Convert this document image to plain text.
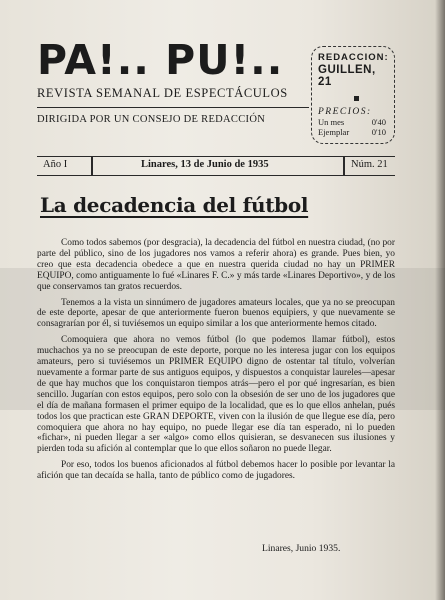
PA!.. PU!..
REVISTA SEMANAL DE ESPECTÁCULOS
DIRIGIDA POR UN CONSEJO DE REDACCIÓN
REDACCION:
GUILLEN, 21
PRECIOS:
Un mes	0'40
Ejemplar	0'10
Año I	Linares, 13 de Junio de 1935	Núm. 21
La decadencia del fútbol

Como todos sabemos (por desgracia), la decadencia del fútbol en nuestra ciudad, (no por parte del público, sino de los jugadores nos vamos a referir ahora) es grande. Pues bien, yo creo que esta decadencia obedece a que en nuestra querida ciudad no hay un PRIMER EQUIPO, como antiguamente lo fué «Linares F. C.» y más tarde «Linares Deportivo», y de los que conservamos tan gratos recuerdos.

Tenemos a la vista un sinnúmero de jugadores amateurs locales, que ya no se preocupan de este deporte, apesar de que anteriormente fueron buenos equipiers, y que nuevamente se consagrarían por él, si tuviésemos un equipo similar a los que anteriormente hemos citado.

Comoquiera que ahora no vemos fútbol (lo que podemos llamar fútbol), estos muchachos ya no se preocupan de este deporte, porque no les interesa jugar con los equipos amateurs, pero si tuviésemos un PRIMER EQUIPO digno de ostentar tal título, volverían nuevamente a formar parte de sus antiguos equipos, y dispuestos a conquistar laureles—apesar de que hay muchos que los conquistaron tiempos atrás—pero el por qué ingresarían, es bien sencillo. Jugarían con estos equipos, pero solo con la obsesión de ser uno de los jugadores que el día de mañana formasen el primer equipo de la localidad, que es lo que ellos anhelan, pués todos los que practican este GRAN DEPORTE, viven con la ilusión de que llegue ese día, pero comoquiera que ahora no hay equipo, no puede llegar ese día tan esperado, ni lo pueden «fichar», ni pueden llegar a ser «algo» como ellos quisieran, se desvanecen sus ilusiones y pierden toda su afición al contemplar que lo que ellos soñaron no puede llegar.

Por eso, todos los buenos aficionados al fútbol debemos hacer lo posible por levantar la afición que tan decaída se halla, tanto de público como de jugadores.

Linares, Junio 1935.
